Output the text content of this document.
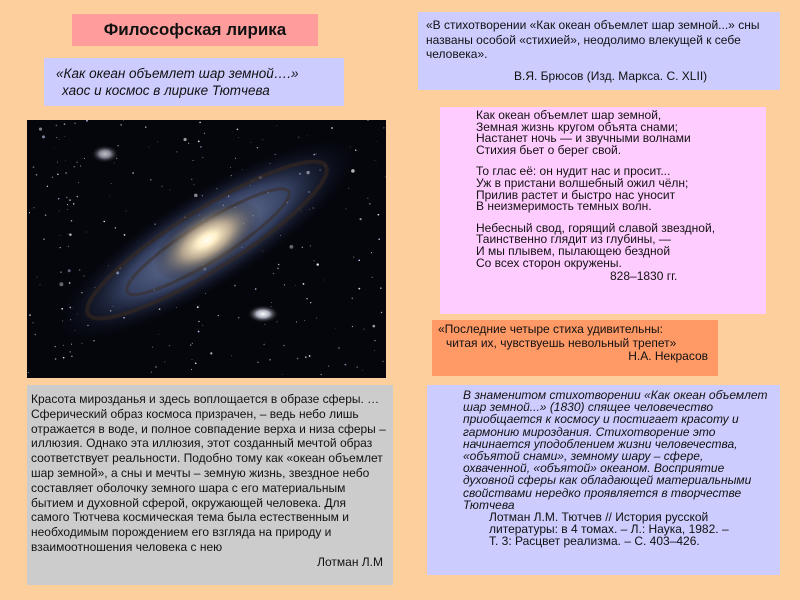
Философская лирика
«Как океан объемлет шар земной….»
хаос и космос в лирике Тютчева
«В стихотворении «Как океан объемлет шар земной...» сны названы особой «стихией», неодолимо влекущей к себе человека».
В.Я. Брюсов (Изд. Маркса. С. XLII)
Как океан объемлет шар земной,
Земная жизнь кругом объята снами;
Настанет ночь — и звучными волнами
Стихия бьет о берег свой.
То глас её: он нудит нас и просит...
Уж в пристани волшебный ожил чёлн;
Прилив растет и быстро нас уносит
В неизмеримость темных волн.
Небесный свод, горящий славой звездной,
Таинственно глядит из глубины, —
И мы плывем, пылающею бездной
Со всех сторон окружены.
828–1830 гг.
«Последние четыре стиха удивительны:
читая их, чувствуешь невольный трепет»
Н.А. Некрасов
Красота мирозданья и здесь воплощается в образе сферы. …Сферический образ космоса призрачен, – ведь небо лишь отражается в воде, и полное совпадение верха и низа сферы – иллюзия. Однако эта иллюзия, этот созданный мечтой образ соответствует реальности. Подобно тому как «океан объемлет шар земной», а сны и мечты – земную жизнь, звездное небо составляет оболочку земного шара с его материальным бытием и духовной сферой, окружающей человека. Для самого Тютчева космическая тема была естественным и необходимым порождением его взгляда на природу и взаимоотношения человека с нею
Лотман Л.М
В знаменитом стихотворении «Как океан объемлет шар земной...» (1830) спящее человечество приобщается к космосу и постигает красоту и гармонию мироздания. Стихотворение это начинается уподоблением жизни человечества, «объятой снами», земному шару – сфере, охваченной, «объятой» океаном. Восприятие духовной сферы как обладающей материальными свойствами нередко проявляется в творчестве Тютчева
Лотман Л.М. Тютчев // История русской
литературы: в 4 томах. – Л.: Наука, 1982. –
Т. 3: Расцвет реализма. – С. 403–426.
